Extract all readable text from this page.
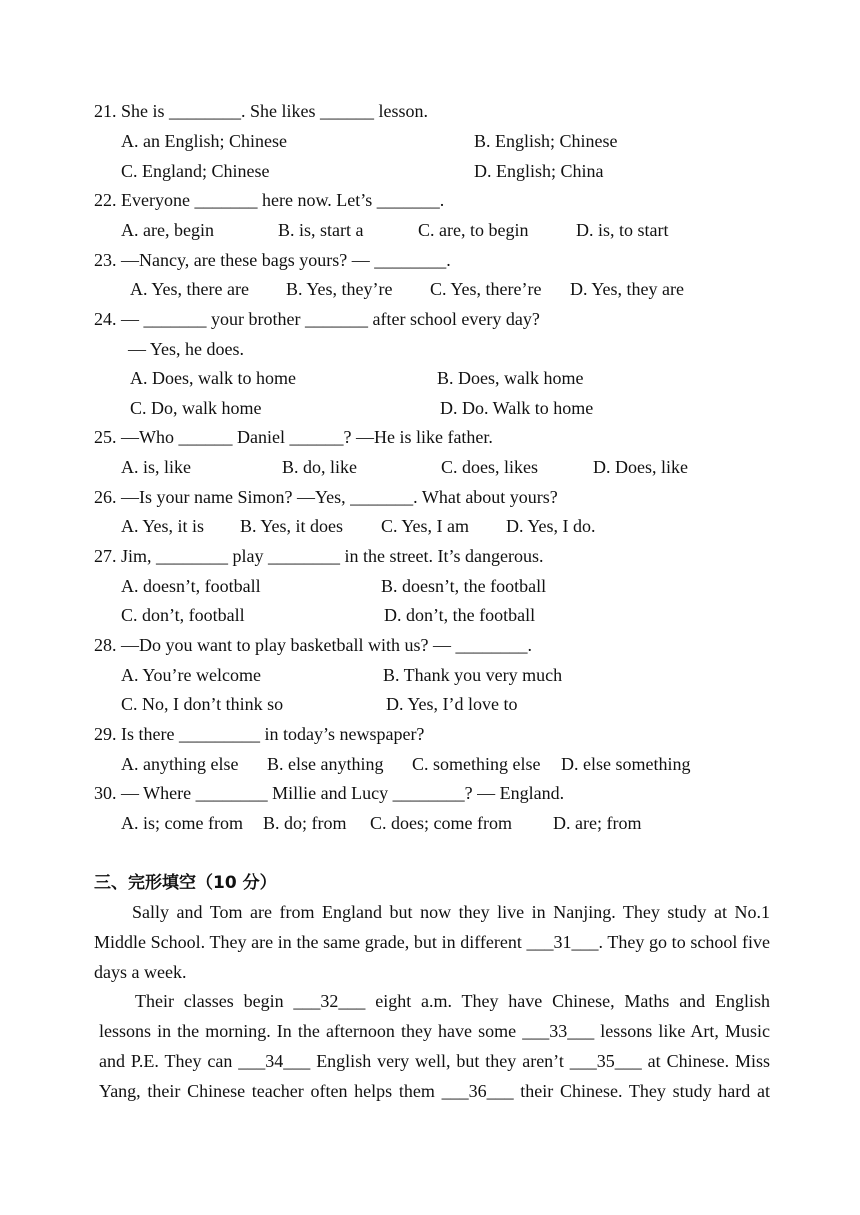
21. She is ________. She likes ______ lesson.
A. an English; Chinese	B. English; Chinese
C. England; Chinese	D. English; China
22. Everyone _______ here now. Let’s _______.
A. are, begin	B. is, start a	C. are, to begin	D. is, to start
23. —Nancy, are these bags yours? — ________.
A. Yes, there are B. Yes, they’re C. Yes, there’re D. Yes, they are
24. — _______ your brother _______ after school every day?
— Yes, he does.
A. Does, walk to home	B. Does, walk home
C. Do, walk home	D. Do. Walk to home
25. —Who ______ Daniel ______? —He is like father.
A. is, like	B. do, like	C. does, likes	D. Does, like
26. —Is your name Simon? —Yes, _______. What about yours?
A. Yes, it is B. Yes, it does C. Yes, I am D. Yes, I do.
27. Jim, ________ play ________ in the street. It’s dangerous.
A. doesn’t, football	B. doesn’t, the football
C. don’t, football	D. don’t, the football
28. —Do you want to play basketball with us? — ________.
A. You’re welcome	B. Thank you very much
C. No, I don’t think so	D. Yes, I’d love to
29. Is there _________ in today’s newspaper?
A. anything else B. else anything C. something else D. else something
30. — Where ________ Millie and Lucy ________? — England.
A. is; come from B. do; from C. does; come from D. are; from
三、完形填空（10 分）
Sally and Tom are from England but now they live in Nanjing. They study at No.1
Middle School. They are in the same grade, but in different ___31___. They go to school five
days a week.
Their classes begin ___32___ eight a.m. They have Chinese, Maths and English
lessons in the morning. In the afternoon they have some ___33___ lessons like Art, Music
and P.E. They can ___34___ English very well, but they aren’t ___35___ at Chinese. Miss
Yang, their Chinese teacher often helps them ___36___ their Chinese. They study hard at
